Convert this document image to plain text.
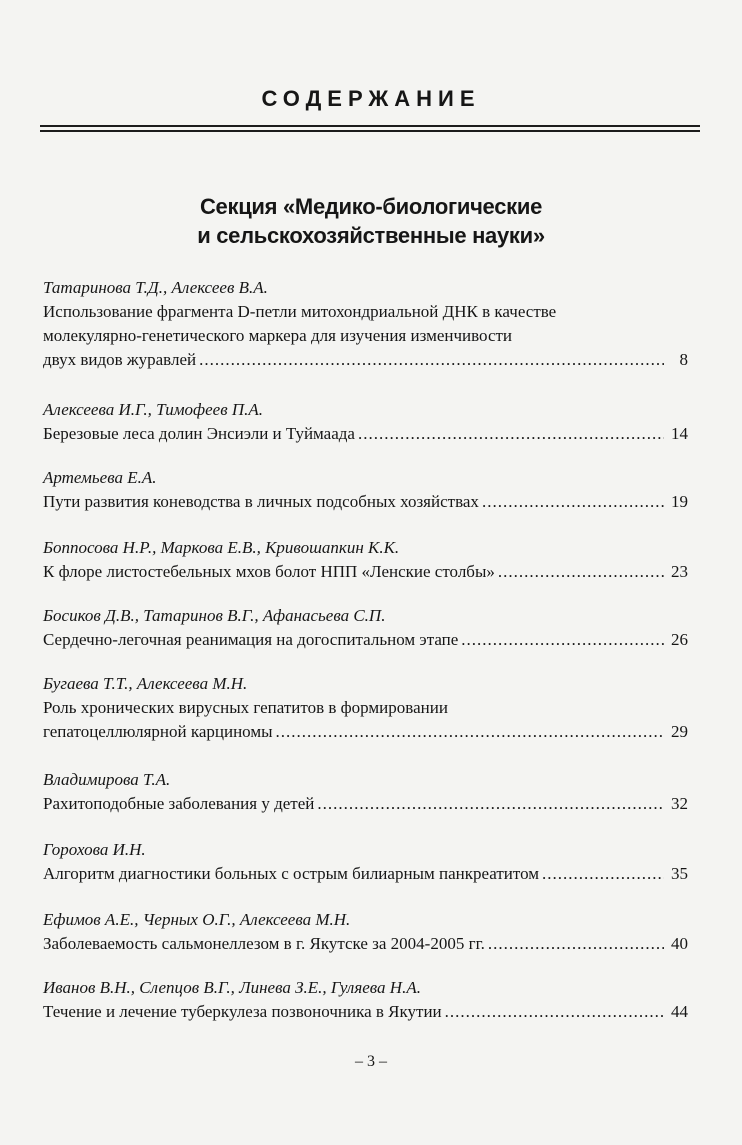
СОДЕРЖАНИЕ
Секция «Медико-биологические
и сельскохозяйственные науки»
Татаринова Т.Д., Алексеев В.А.
Использование фрагмента D-петли митохондриальной ДНК в качестве
молекулярно-генетического маркера для изучения изменчивости
двух видов журавлей .....	8
Алексеева И.Г., Тимофеев П.А.
Березовые леса долин Энсиэли и Туймаада .....	14
Артемьева Е.А.
Пути развития коневодства в личных подсобных хозяйствах .....	19
Боппосова Н.Р., Маркова Е.В., Кривошапкин К.К.
К флоре листостебельных мхов болот НПП «Ленские столбы» .....	23
Босиков Д.В., Татаринов В.Г., Афанасьева С.П.
Сердечно-легочная реанимация на догоспитальном этапе .....	26
Бугаева Т.Т., Алексеева М.Н.
Роль хронических вирусных гепатитов в формировании
гепатоцеллюлярной карциномы .....	29
Владимирова Т.А.
Рахитоподобные заболевания у детей .....	32
Горохова И.Н.
Алгоритм диагностики больных с острым билиарным панкреатитом .....	35
Ефимов А.Е., Черных О.Г., Алексеева М.Н.
Заболеваемость сальмонеллезом в г. Якутске за 2004-2005 гг. .....	40
Иванов В.Н., Слепцов В.Г., Линева З.Е., Гуляева Н.А.
Течение и лечение туберкулеза позвоночника в Якутии .....	44
– 3 –
